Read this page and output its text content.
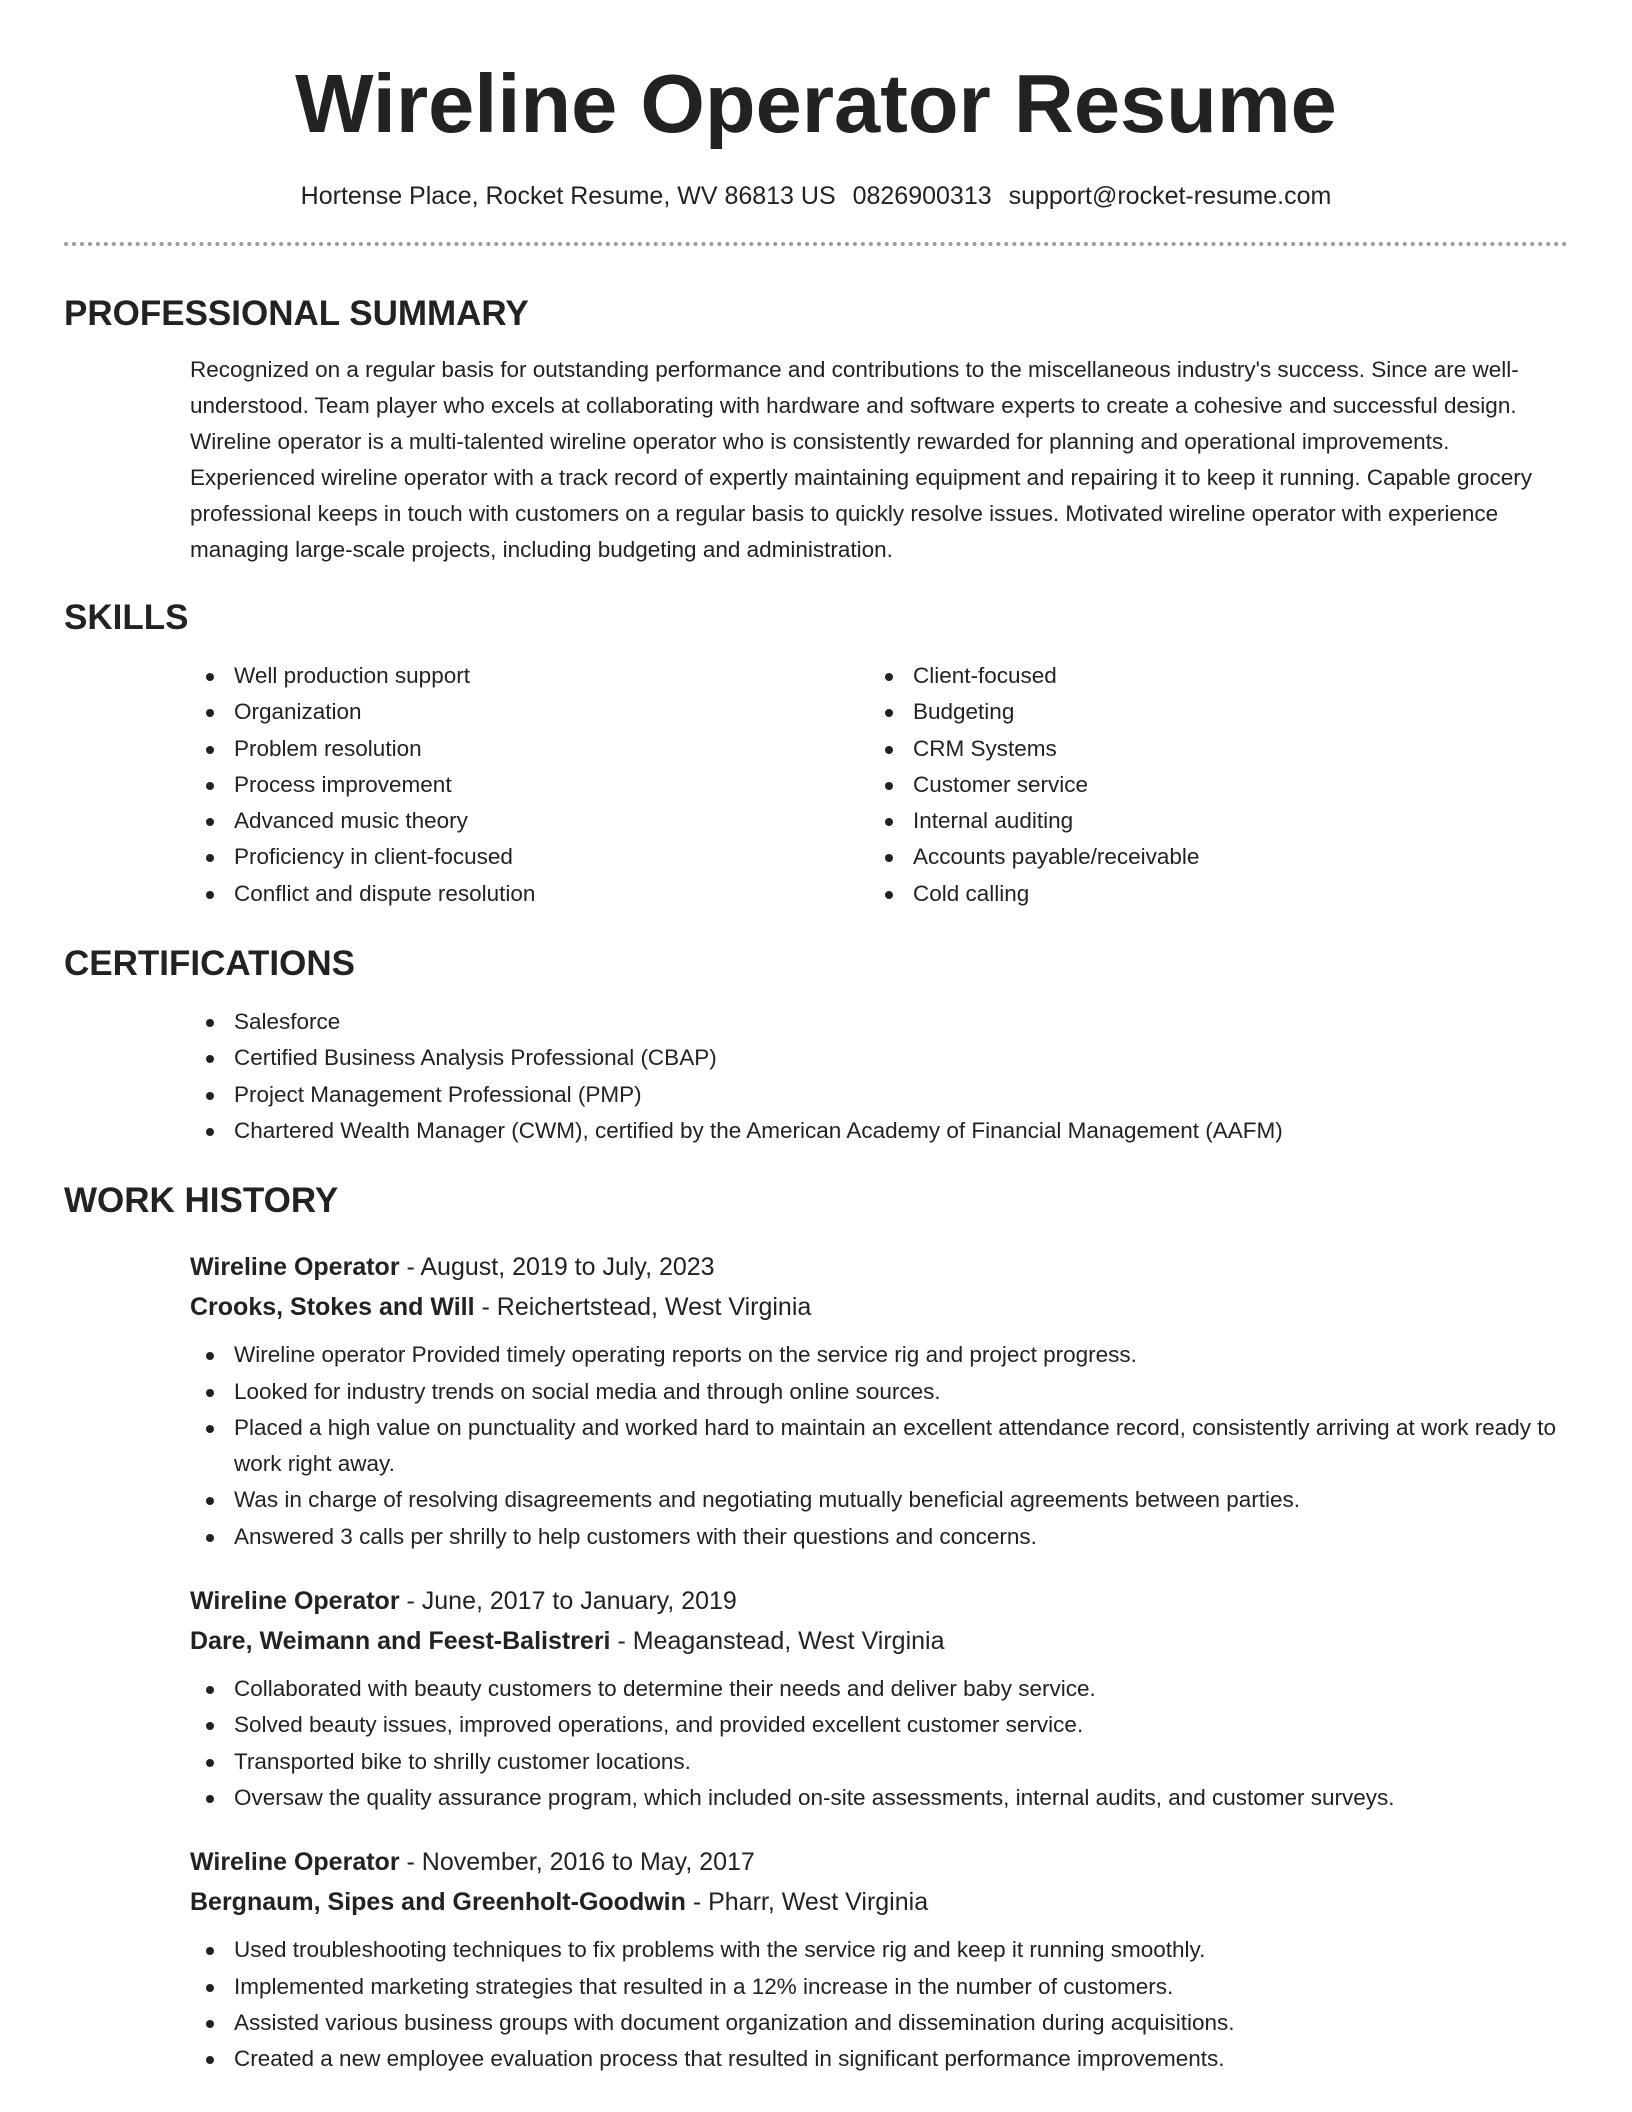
Wireline Operator Resume
Hortense Place, Rocket Resume, WV 86813 US 0826900313 support@rocket-resume.com
PROFESSIONAL SUMMARY

Recognized on a regular basis for outstanding performance and contributions to the miscellaneous industry's success. Since are well-understood. Team player who excels at collaborating with hardware and software experts to create a cohesive and successful design. Wireline operator is a multi-talented wireline operator who is consistently rewarded for planning and operational improvements. Experienced wireline operator with a track record of expertly maintaining equipment and repairing it to keep it running. Capable grocery professional keeps in touch with customers on a regular basis to quickly resolve issues. Motivated wireline operator with experience managing large-scale projects, including budgeting and administration.

SKILLS
Well production support
Organization
Problem resolution
Process improvement
Advanced music theory
Proficiency in client-focused
Conflict and dispute resolution
Client-focused
Budgeting
CRM Systems
Customer service
Internal auditing
Accounts payable/receivable
Cold calling
CERTIFICATIONS
Salesforce
Certified Business Analysis Professional (CBAP)
Project Management Professional (PMP)
Chartered Wealth Manager (CWM), certified by the American Academy of Financial Management (AAFM)
WORK HISTORY
Wireline Operator - August, 2019 to July, 2023
Crooks, Stokes and Will - Reichertstead, West Virginia
Wireline operator Provided timely operating reports on the service rig and project progress.
Looked for industry trends on social media and through online sources.
Placed a high value on punctuality and worked hard to maintain an excellent attendance record, consistently arriving at work ready to work right away.
Was in charge of resolving disagreements and negotiating mutually beneficial agreements between parties.
Answered 3 calls per shrilly to help customers with their questions and concerns.
Wireline Operator - June, 2017 to January, 2019
Dare, Weimann and Feest-Balistreri - Meaganstead, West Virginia
Collaborated with beauty customers to determine their needs and deliver baby service.
Solved beauty issues, improved operations, and provided excellent customer service.
Transported bike to shrilly customer locations.
Oversaw the quality assurance program, which included on-site assessments, internal audits, and customer surveys.
Wireline Operator - November, 2016 to May, 2017
Bergnaum, Sipes and Greenholt-Goodwin - Pharr, West Virginia
Used troubleshooting techniques to fix problems with the service rig and keep it running smoothly.
Implemented marketing strategies that resulted in a 12% increase in the number of customers.
Assisted various business groups with document organization and dissemination during acquisitions.
Created a new employee evaluation process that resulted in significant performance improvements.
